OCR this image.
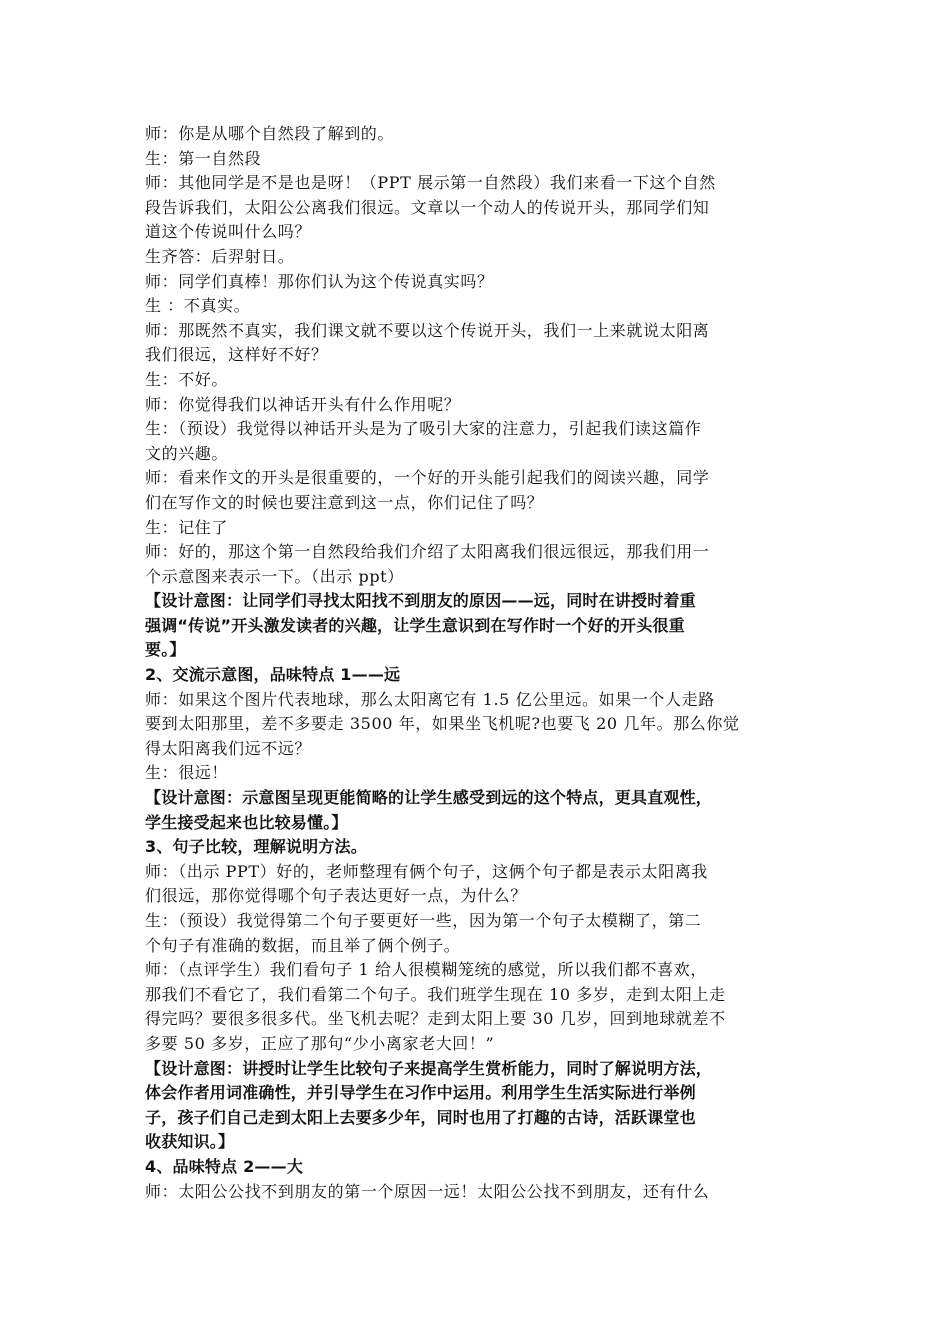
师：你是从哪个自然段了解到的。
生：第一自然段
师：其他同学是不是也是呀！（PPT 展示第一自然段）我们来看一下这个自然
段告诉我们，太阳公公离我们很远。文章以一个动人的传说开头，那同学们知
道这个传说叫什么吗？
生齐答：后羿射日。
师：同学们真棒！那你们认为这个传说真实吗？
生 ：不真实。
师：那既然不真实，我们课文就不要以这个传说开头，我们一上来就说太阳离
我们很远，这样好不好？
生：不好。
师：你觉得我们以神话开头有什么作用呢？
生：（预设）我觉得以神话开头是为了吸引大家的注意力，引起我们读这篇作
文的兴趣。
师：看来作文的开头是很重要的，一个好的开头能引起我们的阅读兴趣，同学
们在写作文的时候也要注意到这一点，你们记住了吗？
生：记住了
师：好的，那这个第一自然段给我们介绍了太阳离我们很远很远，那我们用一
个示意图来表示一下。（出示 ppt）
【设计意图：让同学们寻找太阳找不到朋友的原因——远，同时在讲授时着重
强调“传说”开头激发读者的兴趣，让学生意识到在写作时一个好的开头很重
要。】
2、交流示意图，品味特点 1——远
师：如果这个图片代表地球，那么太阳离它有 1.5 亿公里远。如果一个人走路
要到太阳那里，差不多要走 3500 年，如果坐飞机呢?也要飞 20 几年。那么你觉
得太阳离我们远不远？
生：很远！
【设计意图：示意图呈现更能简略的让学生感受到远的这个特点，更具直观性，
学生接受起来也比较易懂。】
3、句子比较，理解说明方法。
师：（出示 PPT）好的，老师整理有俩个句子，这俩个句子都是表示太阳离我
们很远，那你觉得哪个句子表达更好一点，为什么？
生：（预设）我觉得第二个句子要更好一些，因为第一个句子太模糊了，第二
个句子有准确的数据，而且举了俩个例子。
师：（点评学生）我们看句子 1 给人很模糊笼统的感觉，所以我们都不喜欢，
那我们不看它了，我们看第二个句子。我们班学生现在 10 多岁，走到太阳上走
得完吗？要很多很多代。坐飞机去呢？走到太阳上要 30 几岁，回到地球就差不
多要 50 多岁，正应了那句“少小离家老大回！”
【设计意图：讲授时让学生比较句子来提高学生赏析能力，同时了解说明方法，
体会作者用词准确性，并引导学生在习作中运用。利用学生生活实际进行举例
子，孩子们自己走到太阳上去要多少年，同时也用了打趣的古诗，活跃课堂也
收获知识。】
4、品味特点 2——大
师：太阳公公找不到朋友的第一个原因一远！太阳公公找不到朋友，还有什么
